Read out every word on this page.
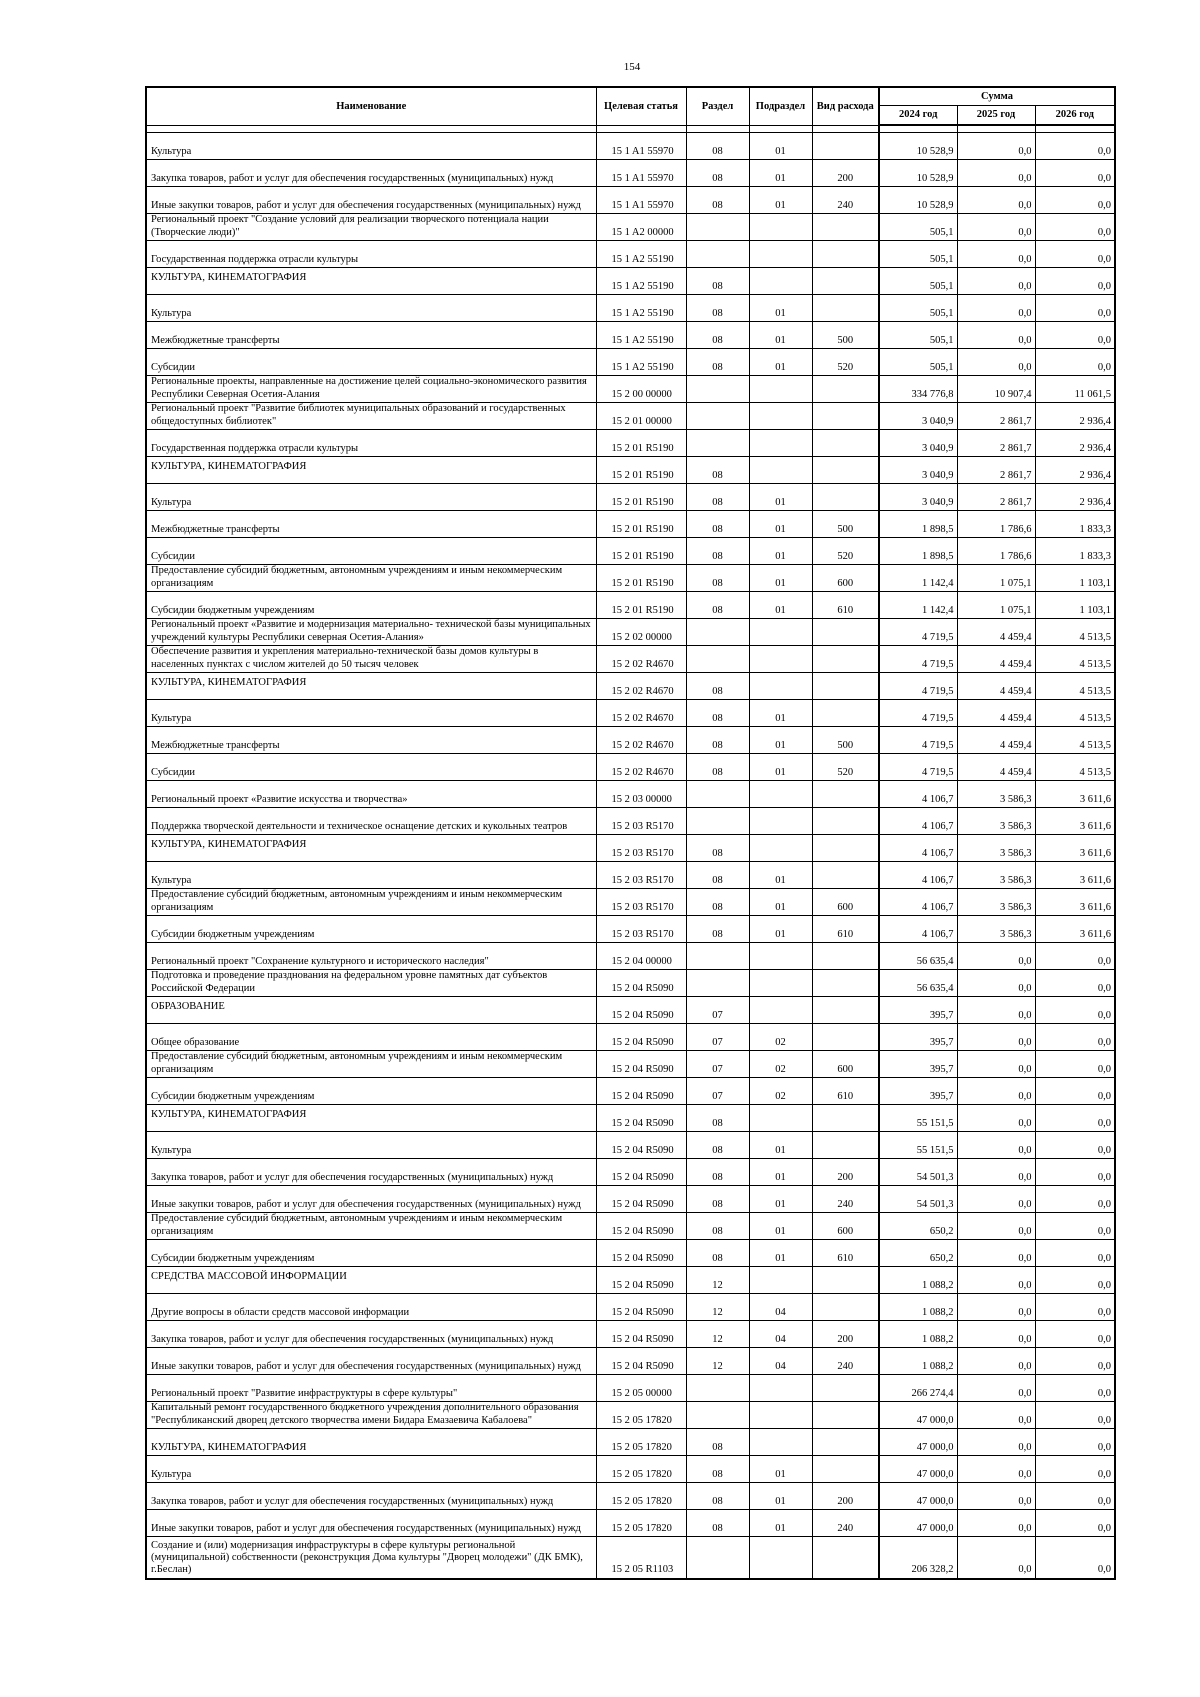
154
Наименование	Целевая статья	Раздел	Подраздел	Вид расхода	Сумма		
					2024 год	2025 год	2026 год

Культура	15 1 A1 55970	08	01		10 528,9	0,0	0,0
Закупка товаров, работ и услуг для обеспечения государственных (муниципальных) нужд	15 1 A1 55970	08	01	200	10 528,9	0,0	0,0
Иные закупки товаров, работ и услуг для обеспечения государственных (муниципальных) нужд	15 1 A1 55970	08	01	240	10 528,9	0,0	0,0
Региональный проект "Создание условий для реализации творческого потенциала нации (Творческие люди)"	15 1 A2 00000				505,1	0,0	0,0
Государственная поддержка отрасли культуры	15 1 A2 55190				505,1	0,0	0,0
КУЛЬТУРА, КИНЕМАТОГРАФИЯ	15 1 A2 55190	08			505,1	0,0	0,0
Культура	15 1 A2 55190	08	01		505,1	0,0	0,0
Межбюджетные трансферты	15 1 A2 55190	08	01	500	505,1	0,0	0,0
Субсидии	15 1 A2 55190	08	01	520	505,1	0,0	0,0
Региональные проекты, направленные на достижение целей социально-экономического развития Республики Северная Осетия-Алания	15 2 00 00000				334 776,8	10 907,4	11 061,5
Региональный проект "Развитие библиотек муниципальных образований и государственных общедоступных библиотек"	15 2 01 00000				3 040,9	2 861,7	2 936,4
Государственная поддержка отрасли культуры	15 2 01 R5190				3 040,9	2 861,7	2 936,4
КУЛЬТУРА, КИНЕМАТОГРАФИЯ	15 2 01 R5190	08			3 040,9	2 861,7	2 936,4
Культура	15 2 01 R5190	08	01		3 040,9	2 861,7	2 936,4
Межбюджетные трансферты	15 2 01 R5190	08	01	500	1 898,5	1 786,6	1 833,3
Субсидии	15 2 01 R5190	08	01	520	1 898,5	1 786,6	1 833,3
Предоставление субсидий бюджетным, автономным учреждениям и иным некоммерческим организациям	15 2 01 R5190	08	01	600	1 142,4	1 075,1	1 103,1
Субсидии бюджетным учреждениям	15 2 01 R5190	08	01	610	1 142,4	1 075,1	1 103,1
Региональный проект «Развитие и модернизация материально- технической базы муниципальных учреждений культуры Республики северная Осетия-Алания»	15 2 02 00000				4 719,5	4 459,4	4 513,5
Обеспечение развития и укрепления материально-технической базы домов культуры в населенных пунктах с числом жителей до 50 тысяч человек	15 2 02 R4670				4 719,5	4 459,4	4 513,5
КУЛЬТУРА, КИНЕМАТОГРАФИЯ	15 2 02 R4670	08			4 719,5	4 459,4	4 513,5
Культура	15 2 02 R4670	08	01		4 719,5	4 459,4	4 513,5
Межбюджетные трансферты	15 2 02 R4670	08	01	500	4 719,5	4 459,4	4 513,5
Субсидии	15 2 02 R4670	08	01	520	4 719,5	4 459,4	4 513,5
Региональный проект «Развитие искусства и творчества»	15 2 03 00000				4 106,7	3 586,3	3 611,6
Поддержка творческой деятельности и техническое оснащение детских и кукольных театров	15 2 03 R5170				4 106,7	3 586,3	3 611,6
КУЛЬТУРА, КИНЕМАТОГРАФИЯ	15 2 03 R5170	08			4 106,7	3 586,3	3 611,6
Культура	15 2 03 R5170	08	01		4 106,7	3 586,3	3 611,6
Предоставление субсидий бюджетным, автономным учреждениям и иным некоммерческим организациям	15 2 03 R5170	08	01	600	4 106,7	3 586,3	3 611,6
Субсидии бюджетным учреждениям	15 2 03 R5170	08	01	610	4 106,7	3 586,3	3 611,6
Региональный проект "Сохранение культурного и исторического наследия"	15 2 04 00000				56 635,4	0,0	0,0
Подготовка и проведение празднования на федеральном уровне памятных дат субъектов Российской Федерации	15 2 04 R5090				56 635,4	0,0	0,0
ОБРАЗОВАНИЕ	15 2 04 R5090	07			395,7	0,0	0,0
Общее образование	15 2 04 R5090	07	02		395,7	0,0	0,0
Предоставление субсидий бюджетным, автономным учреждениям и иным некоммерческим организациям	15 2 04 R5090	07	02	600	395,7	0,0	0,0
Субсидии бюджетным учреждениям	15 2 04 R5090	07	02	610	395,7	0,0	0,0
КУЛЬТУРА, КИНЕМАТОГРАФИЯ	15 2 04 R5090	08			55 151,5	0,0	0,0
Культура	15 2 04 R5090	08	01		55 151,5	0,0	0,0
Закупка товаров, работ и услуг для обеспечения государственных (муниципальных) нужд	15 2 04 R5090	08	01	200	54 501,3	0,0	0,0
Иные закупки товаров, работ и услуг для обеспечения государственных (муниципальных) нужд	15 2 04 R5090	08	01	240	54 501,3	0,0	0,0
Предоставление субсидий бюджетным, автономным учреждениям и иным некоммерческим организациям	15 2 04 R5090	08	01	600	650,2	0,0	0,0
Субсидии бюджетным учреждениям	15 2 04 R5090	08	01	610	650,2	0,0	0,0
СРЕДСТВА МАССОВОЙ ИНФОРМАЦИИ	15 2 04 R5090	12			1 088,2	0,0	0,0
Другие вопросы в области средств массовой информации	15 2 04 R5090	12	04		1 088,2	0,0	0,0
Закупка товаров, работ и услуг для обеспечения государственных (муниципальных) нужд	15 2 04 R5090	12	04	200	1 088,2	0,0	0,0
Иные закупки товаров, работ и услуг для обеспечения государственных (муниципальных) нужд	15 2 04 R5090	12	04	240	1 088,2	0,0	0,0
Региональный проект "Развитие инфраструктуры в сфере культуры"	15 2 05 00000				266 274,4	0,0	0,0
Капитальный ремонт государственного бюджетного учреждения дополнительного образования "Республиканский дворец детского творчества имени Бидара Емазаевича Кабалоева"	15 2 05 17820				47 000,0	0,0	0,0
КУЛЬТУРА, КИНЕМАТОГРАФИЯ	15 2 05 17820	08			47 000,0	0,0	0,0
Культура	15 2 05 17820	08	01		47 000,0	0,0	0,0
Закупка товаров, работ и услуг для обеспечения государственных (муниципальных) нужд	15 2 05 17820	08	01	200	47 000,0	0,0	0,0
Иные закупки товаров, работ и услуг для обеспечения государственных (муниципальных) нужд	15 2 05 17820	08	01	240	47 000,0	0,0	0,0
Создание и (или) модернизация инфраструктуры в сфере культуры региональной (муниципальной) собственности (реконструкция Дома культуры "Дворец молодежи" (ДК БМК), г.Беслан)	15 2 05 R1103				206 328,2	0,0	0,0
